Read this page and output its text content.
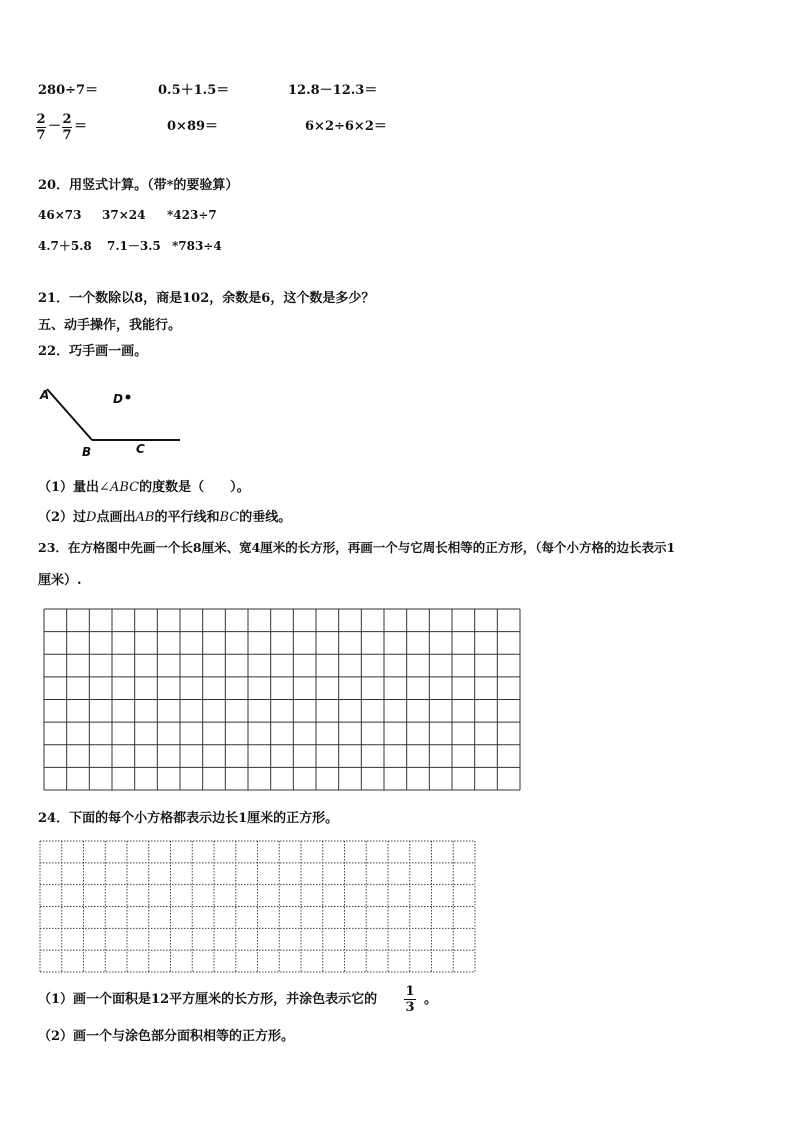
280÷7＝	0.5＋1.5＝	12.8－12.3＝
$\frac{2}{7} - \frac{2}{7}$ ＝	0×89＝	6×2÷6×2＝
20．用竖式计算。（带*的要验算）
46×73 37×24 *423÷7
4.7＋5.8 7.1－3.5 *783÷4
21．一个数除以8，商是102，余数是6，这个数是多少？
五、动手操作，我能行。
22．巧手画一画。
A
B	C
D
（1）量出∠ABC的度数是（　　）。
（2）过D点画出AB的平行线和BC的垂线。
23．在方格图中先画一个长8厘米、宽4厘米的长方形，再画一个与它周长相等的正方形，（每个小方格的边长表示1
厘米）.
24．下面的每个小方格都表示边长1厘米的正方形。
（1）画一个面积是12平方厘米的长方形，并涂色表示它的 $\frac{1}{3}$ 。
（2）画一个与涂色部分面积相等的正方形。
